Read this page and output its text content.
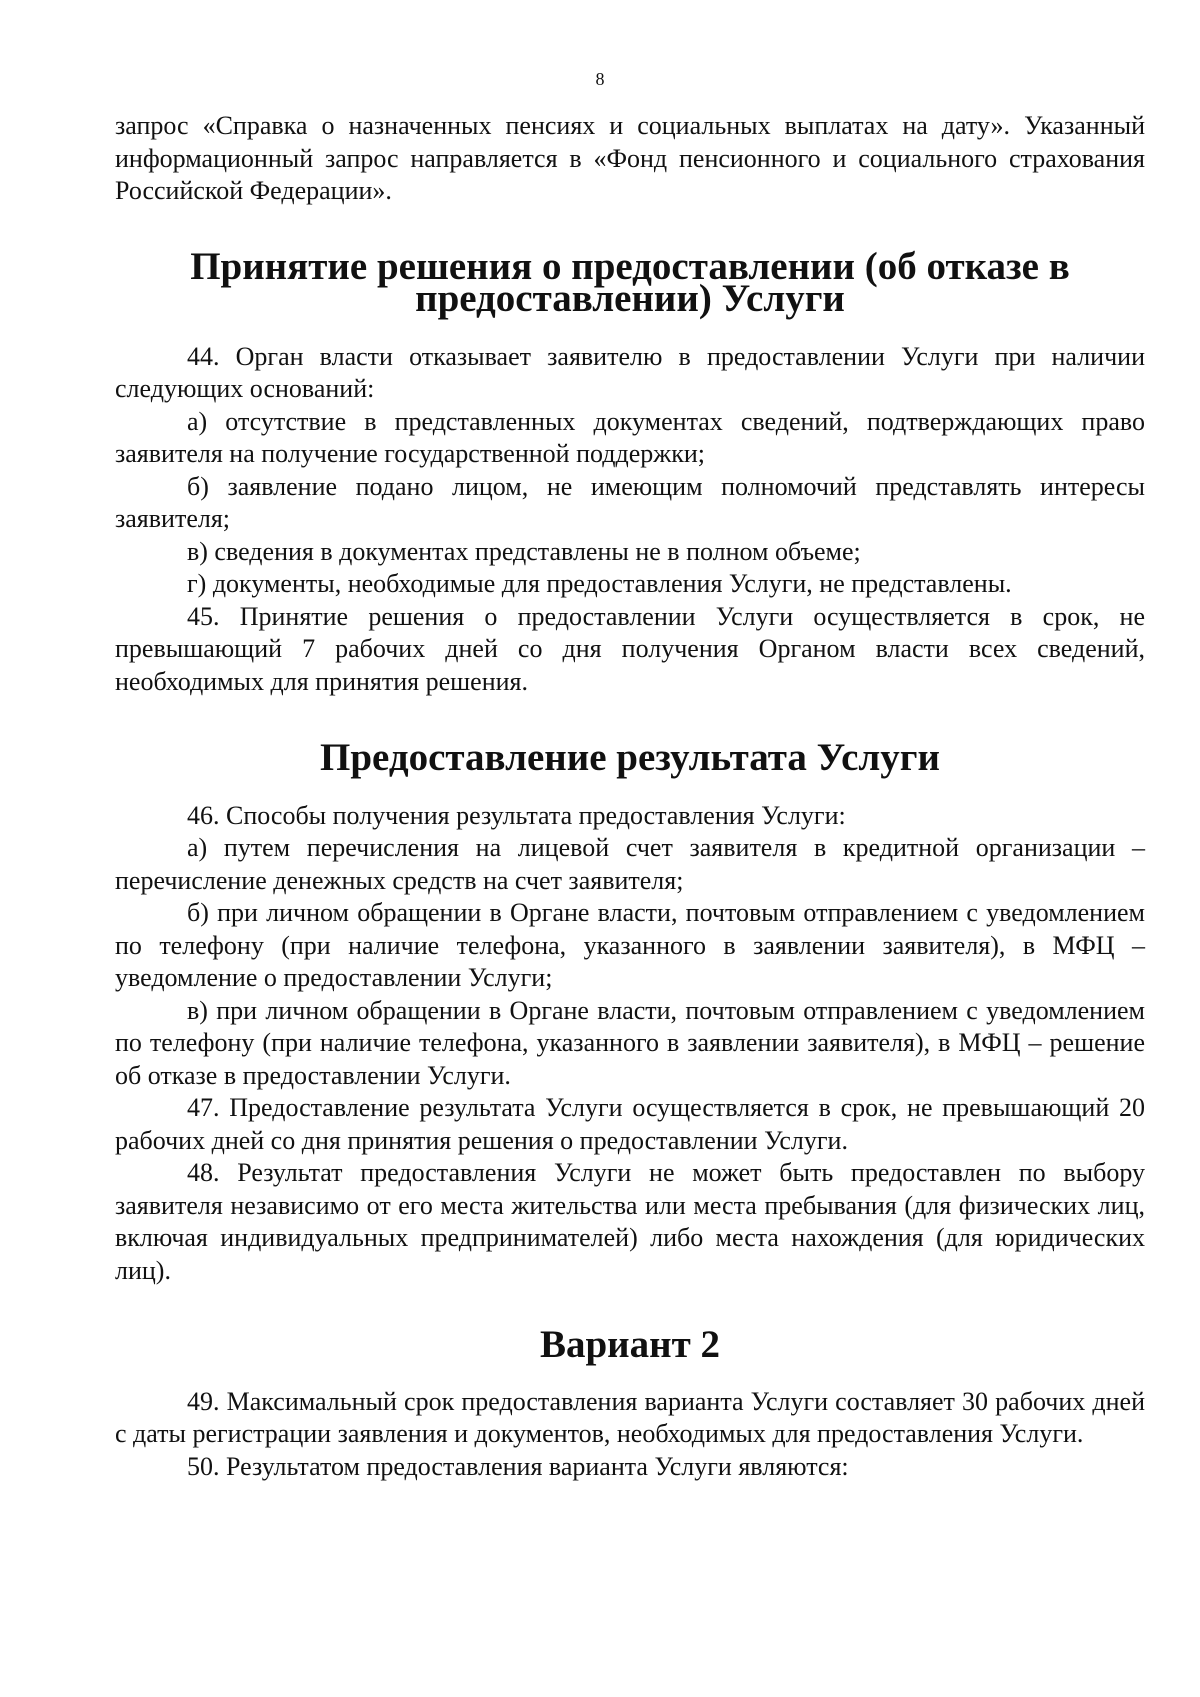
8

запрос «Справка о назначенных пенсиях и социальных выплатах на дату». Указанный информационный запрос направляется в «Фонд пенсионного и социального страхования Российской Федерации».

Принятие решения о предоставлении (об отказе в предоставлении) Услуги

44. Орган власти отказывает заявителю в предоставлении Услуги при наличии следующих оснований:

а) отсутствие в представленных документах сведений, подтверждающих право заявителя на получение государственной поддержки;

б) заявление подано лицом, не имеющим полномочий представлять интересы заявителя;

в) сведения в документах представлены не в полном объеме;

г) документы, необходимые для предоставления Услуги, не представлены.

45. Принятие решения о предоставлении Услуги осуществляется в срок, не превышающий 7 рабочих дней со дня получения Органом власти всех сведений, необходимых для принятия решения.

Предоставление результата Услуги

46. Способы получения результата предоставления Услуги:

а) путем перечисления на лицевой счет заявителя в кредитной организации – перечисление денежных средств на счет заявителя;

б) при личном обращении в Органе власти, почтовым отправлением с уведомлением по телефону (при наличие телефона, указанного в заявлении заявителя), в МФЦ – уведомление о предоставлении Услуги;

в) при личном обращении в Органе власти, почтовым отправлением с уведомлением по телефону (при наличие телефона, указанного в заявлении заявителя), в МФЦ – решение об отказе в предоставлении Услуги.

47. Предоставление результата Услуги осуществляется в срок, не превышающий 20 рабочих дней со дня принятия решения о предоставлении Услуги.

48. Результат предоставления Услуги не может быть предоставлен по выбору заявителя независимо от его места жительства или места пребывания (для физических лиц, включая индивидуальных предпринимателей) либо места нахождения (для юридических лиц).

Вариант 2

49. Максимальный срок предоставления варианта Услуги составляет 30 рабочих дней с даты регистрации заявления и документов, необходимых для предоставления Услуги.

50. Результатом предоставления варианта Услуги являются:
